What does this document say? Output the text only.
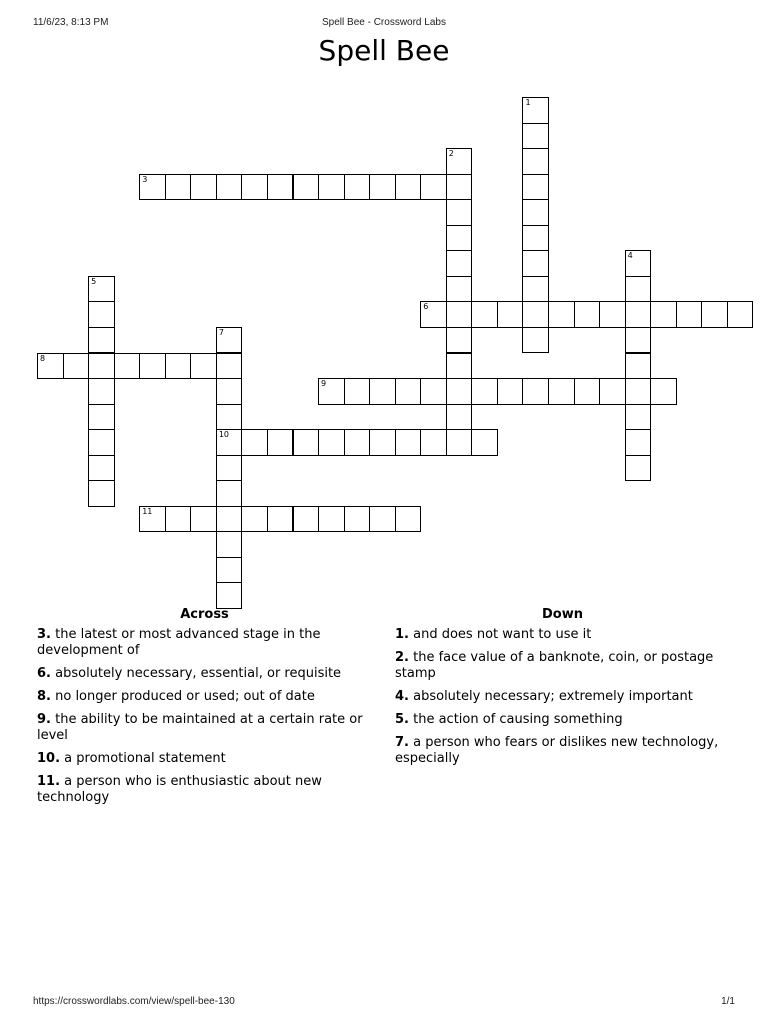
11/6/23, 8:13 PM	Spell Bee - Crossword Labs
Spell Bee
1
2
3
4
5
6
7
10
8
9
11
Across
3. the latest or most advanced stage in the development of
6. absolutely necessary, essential, or requisite
8. no longer produced or used; out of date
9. the ability to be maintained at a certain rate or level
10. a promotional statement
11. a person who is enthusiastic about new technology
Down
1. and does not want to use it
2. the face value of a banknote, coin, or postage stamp
4. absolutely necessary; extremely important
5. the action of causing something
7. a person who fears or dislikes new technology, especially
https://crosswordlabs.com/view/spell-bee-130	1/1
